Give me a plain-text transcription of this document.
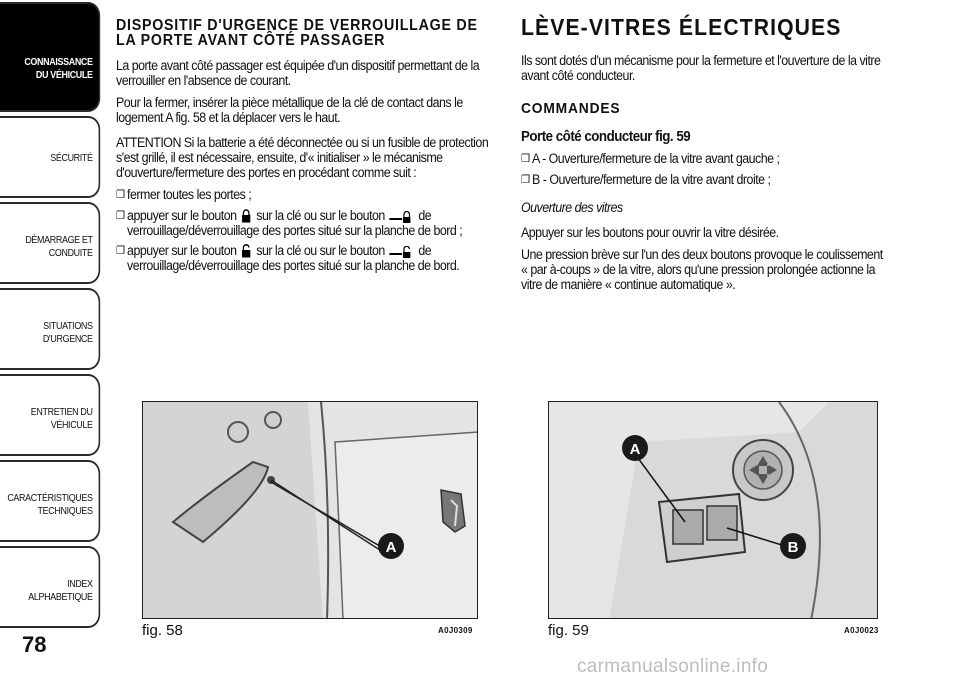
CONNAISSANCE
DU VÉHICULE
SÉCURITÉ
DÉMARRAGE ET
CONDUITE
SITUATIONS
D'URGENCE
ENTRETIEN DU
VÉHICULE
CARACTÉRISTIQUES
TECHNIQUES
INDEX
ALPHABETIQUE
78
DISPOSITIF D'URGENCE DE VERROUILLAGE DE LA PORTE AVANT CÔTÉ PASSAGER

La porte avant côté passager est équipée d'un dispositif permettant de la verrouiller en l'absence de courant.

Pour la fermer, insérer la pièce métallique de la clé de contact dans le logement A fig. 58 et la déplacer vers le haut.

ATTENTION Si la batterie a été déconnectée ou si un fusible de protection s'est grillé, il est nécessaire, ensuite, d'« initialiser » le mécanisme d'ouverture/fermeture des portes en procédant comme suit :

❒ fermer toutes les portes ;
❒ appuyer sur le bouton sur la clé ou sur le bouton de verrouillage/déverrouillage des portes situé sur la planche de bord ;
❒ appuyer sur le bouton sur la clé ou sur le bouton de verrouillage/déverrouillage des portes situé sur la planche de bord.
LÈVE-VITRES ÉLECTRIQUES

Ils sont dotés d'un mécanisme pour la fermeture et l'ouverture de la vitre avant côté conducteur.

COMMANDES
Porte côté conducteur fig. 59
❒ A - Ouverture/fermeture de la vitre avant gauche ;
❒ B - Ouverture/fermeture de la vitre avant droite ;
Ouverture des vitres

Appuyer sur les boutons pour ouvrir la vitre désirée.

Une pression brève sur l'un des deux boutons provoque le coulissement « par à-coups » de la vitre, alors qu'une pression prolongée actionne la vitre de manière « continue automatique ».

A
fig. 58	A0J0309
A
B
fig. 59	A0J0023
carmanualsonline.info
